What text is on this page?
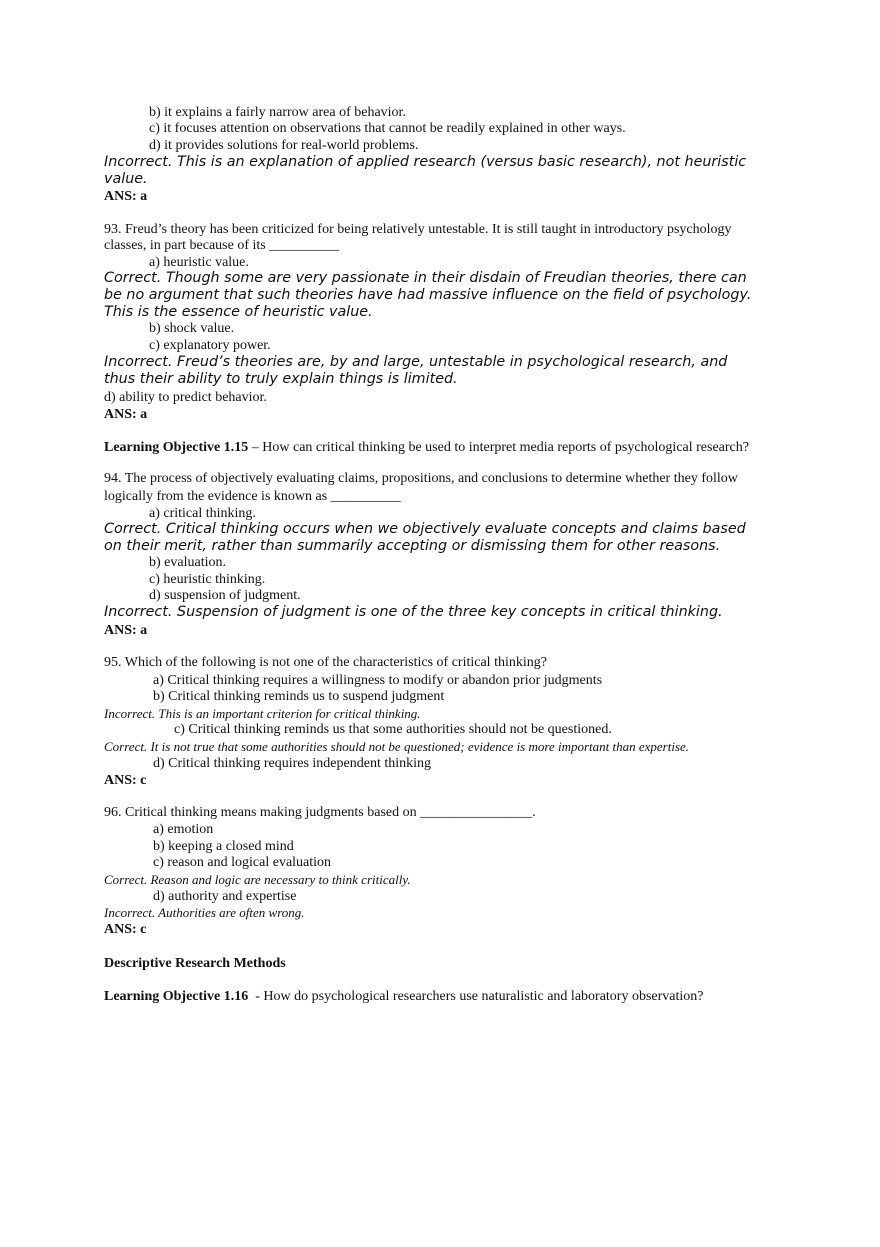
b) it explains a fairly narrow area of behavior.
c) it focuses attention on observations that cannot be readily explained in other ways.
d) it provides solutions for real-world problems.
Incorrect. This is an explanation of applied research (versus basic research), not heuristic
value.
ANS: a
93. Freud’s theory has been criticized for being relatively untestable. It is still taught in introductory psychology
classes, in part because of its __________
a) heuristic value.
Correct. Though some are very passionate in their disdain of Freudian theories, there can
be no argument that such theories have had massive influence on the field of psychology.
This is the essence of heuristic value.
b) shock value.
c) explanatory power.
Incorrect. Freud’s theories are, by and large, untestable in psychological research, and
thus their ability to truly explain things is limited.
d) ability to predict behavior.
ANS: a
Learning Objective 1.15 – How can critical thinking be used to interpret media reports of psychological research?
94. The process of objectively evaluating claims, propositions, and conclusions to determine whether they follow
logically from the evidence is known as __________
a) critical thinking.
Correct. Critical thinking occurs when we objectively evaluate concepts and claims based
on their merit, rather than summarily accepting or dismissing them for other reasons.
b) evaluation.
c) heuristic thinking.
d) suspension of judgment.
Incorrect. Suspension of judgment is one of the three key concepts in critical thinking.
ANS: a
95. Which of the following is not one of the characteristics of critical thinking?
a) Critical thinking requires a willingness to modify or abandon prior judgments
b) Critical thinking reminds us to suspend judgment
Incorrect. This is an important criterion for critical thinking.
c) Critical thinking reminds us that some authorities should not be questioned.
Correct. It is not true that some authorities should not be questioned; evidence is more important than expertise.
d) Critical thinking requires independent thinking
ANS: c
96. Critical thinking means making judgments based on ________________.
a) emotion
b) keeping a closed mind
c) reason and logical evaluation
Correct. Reason and logic are necessary to think critically.
d) authority and expertise
Incorrect. Authorities are often wrong.
ANS: c
Descriptive Research Methods
Learning Objective 1.16  - How do psychological researchers use naturalistic and laboratory observation?
